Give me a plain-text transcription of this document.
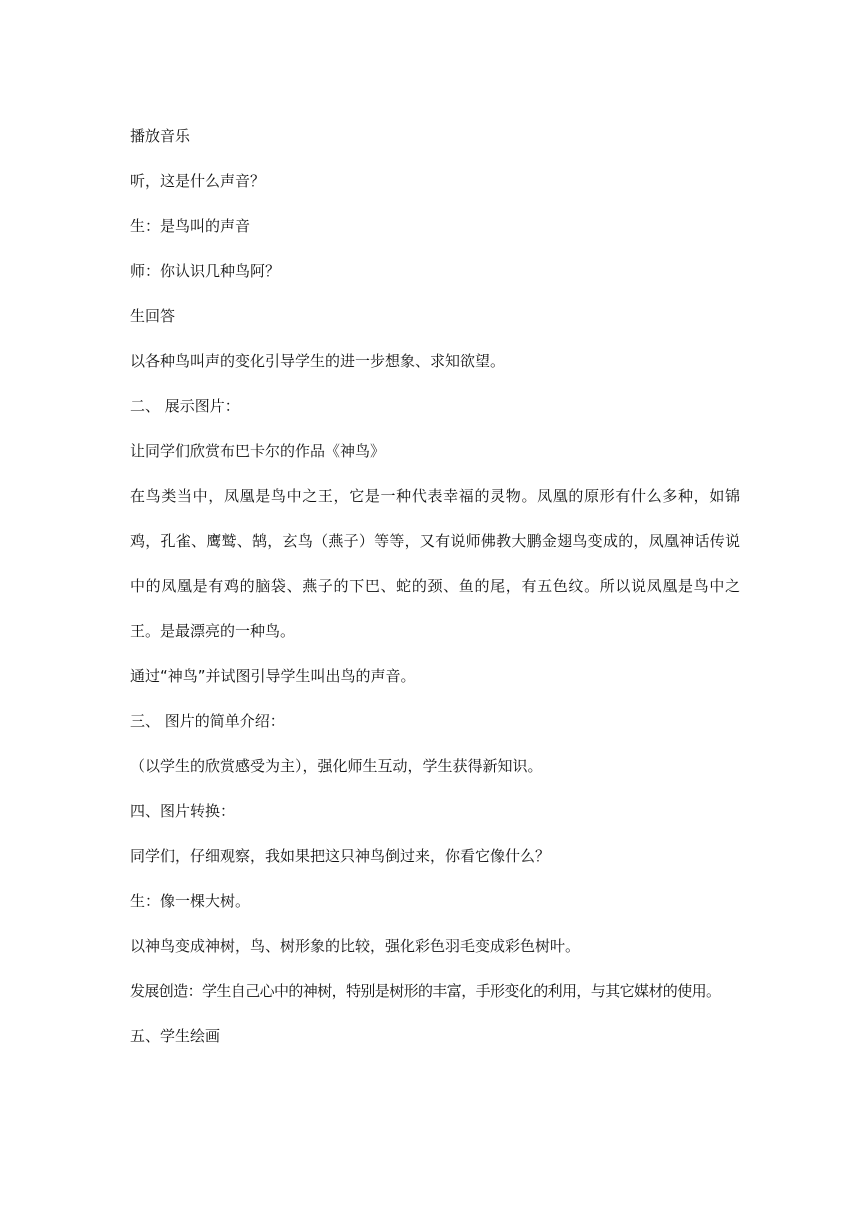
播放音乐

听，这是什么声音？

生：是鸟叫的声音

师：你认识几种鸟阿？

生回答

以各种鸟叫声的变化引导学生的进一步想象、求知欲望。

二、 展示图片：

让同学们欣赏布巴卡尔的作品《神鸟》

在鸟类当中，凤凰是鸟中之王，它是一种代表幸福的灵物。凤凰的原形有什么多种，如锦鸡，孔雀、鹰鹫、鹄，玄鸟（燕子）等等，又有说师佛教大鹏金翅鸟变成的，凤凰神话传说中的凤凰是有鸡的脑袋、燕子的下巴、蛇的颈、鱼的尾，有五色纹。所以说凤凰是鸟中之王。是最漂亮的一种鸟。

通过“神鸟”并试图引导学生叫出鸟的声音。

三、 图片的简单介绍：

（以学生的欣赏感受为主），强化师生互动，学生获得新知识。

四、图片转换：

同学们，仔细观察，我如果把这只神鸟倒过来，你看它像什么？

生：像一棵大树。

以神鸟变成神树，鸟、树形象的比较，强化彩色羽毛变成彩色树叶。

发展创造：学生自己心中的神树，特别是树形的丰富，手形变化的利用，与其它媒材的使用。

五、学生绘画
